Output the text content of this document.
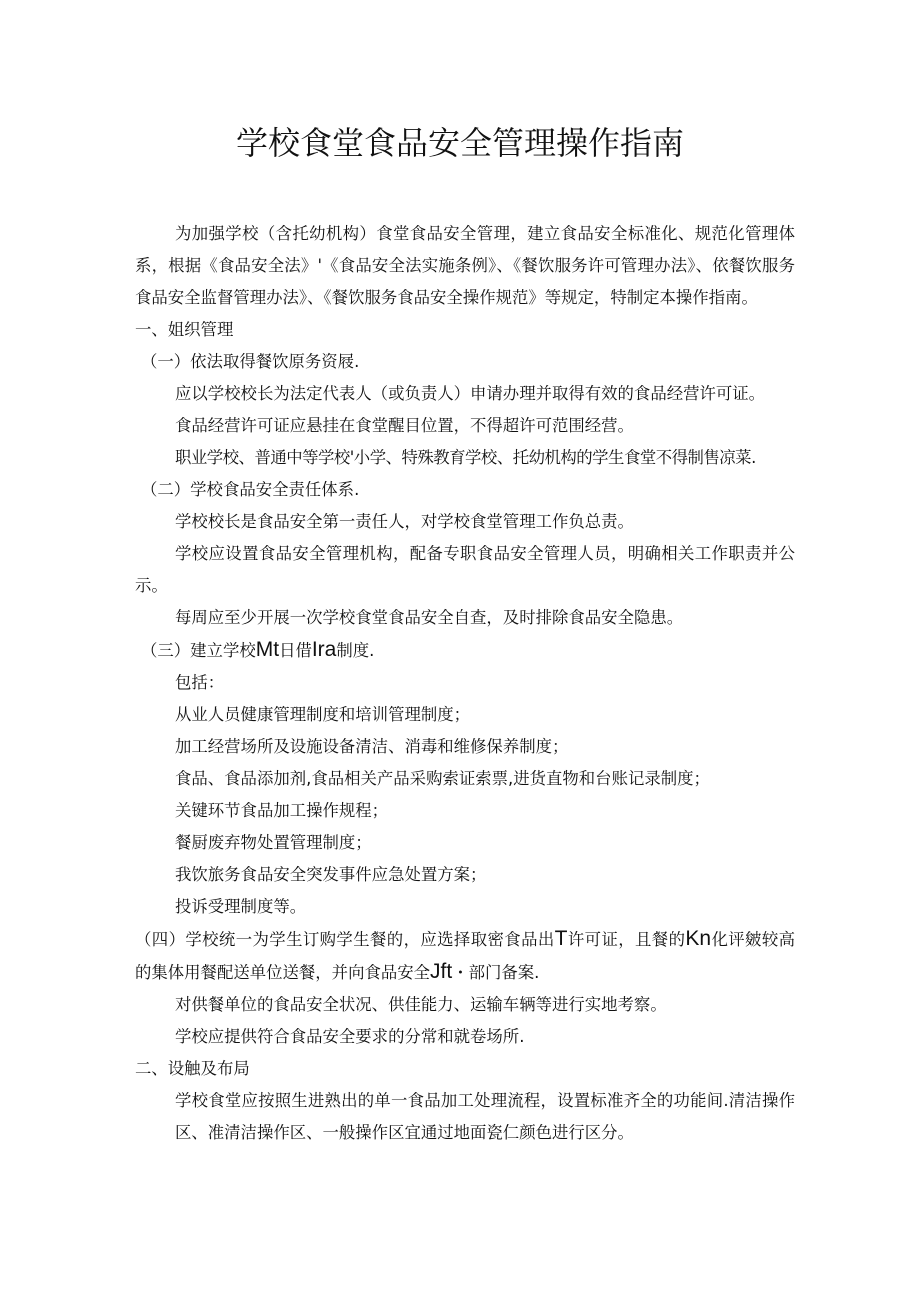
学校食堂食品安全管理操作指南

为加强学校（含托幼机构）食堂食品安全管理，建立食品安全标准化、规范化管理体系，根据《食品安全法》'《食品安全法实施条例》、《餐饮服务许可管理办法》、依餐饮服务食品安全监督管理办法》、《餐饮服务食品安全操作规范》等规定，特制定本操作指南。

一、姐织管理

（一）依法取得餐饮原务资屐.

应以学校校长为法定代表人（或负责人）申请办理并取得有效的食品经营许可证。

食品经营许可证应悬挂在食堂醒目位置，不得超许可范围经营。

职业学校、普通中等学校'小学、特殊教育学校、托幼机构的学生食堂不得制售凉菜.

（二）学校食品安全责任体系.

学校校长是食品安全第一责任人，对学校食堂管理工作负总责。

学校应设置食品安全管理机构，配备专职食品安全管理人员，明确相关工作职责并公示。

每周应至少开展一次学校食堂食品安全自查，及时排除食品安全隐患。

（三）建立学校Mt日借Ira制度.

包括：

从业人员健康管理制度和培训管理制度；

加工经营场所及设施设备清洁、消毒和维修保养制度；

食品、食品添加剂,食品相关产品采购索证索票,进货直物和台账记录制度；

关键环节食品加工操作规程；

餐厨废弃物处置管理制度；

我饮旅务食品安全突发事件应急处置方案；

投诉受理制度等。

（四）学校统一为学生订购学生餐的，应选择取密食品出T许可证，且餐的Kn化评皴较高的集体用餐配送单位送餐，并向食品安全Jft・部门备案.

对供餐单位的食品安全状况、供佳能力、运输车辆等进行实地考察。

学校应提供符合食品安全要求的分常和就卷场所.

二、设触及布局

学校食堂应按照生进熟出的单一食品加工处理流程，设置标准齐全的功能间.清洁操作区、准清洁操作区、一般操作区宜通过地面瓷仁颜色进行区分。
